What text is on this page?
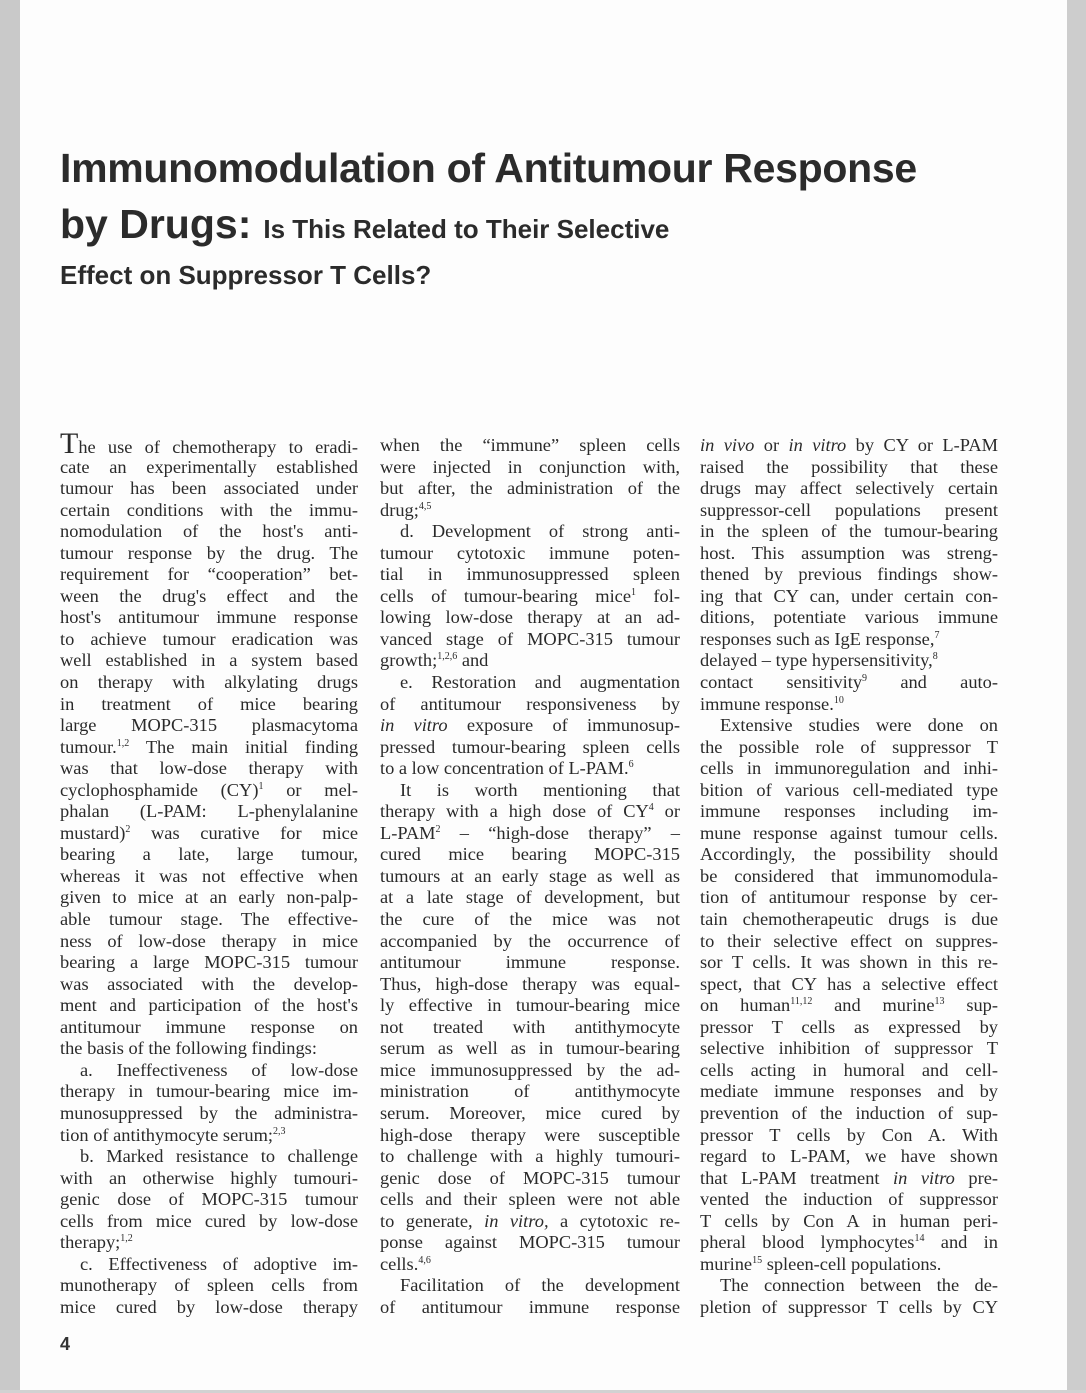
Immunomodulation of Antitumour Response
by Drugs: Is This Related to Their Selective
Effect on Suppressor T Cells?
The use of chemotherapy to eradi-
cate an experimentally established
tumour has been associated under
certain conditions with the immu-
nomodulation of the host's anti-
tumour response by the drug. The
requirement for “cooperation” bet-
ween the drug's effect and the
host's antitumour immune response
to achieve tumour eradication was
well established in a system based
on therapy with alkylating drugs
in treatment of mice bearing
large MOPC-315 plasmacytoma
tumour.$^{1,2}$ The main initial finding
was that low-dose therapy with
cyclophosphamide (CY)$^1$ or mel-
phalan (L-PAM: L-phenylalanine
mustard)$^2$ was curative for mice
bearing a late, large tumour,
whereas it was not effective when
given to mice at an early non-palp-
able tumour stage. The effective-
ness of low-dose therapy in mice
bearing a large MOPC-315 tumour
was associated with the develop-
ment and participation of the host's
antitumour immune response on
the basis of the following findings:
a. Ineffectiveness of low-dose
therapy in tumour-bearing mice im-
munosuppressed by the administra-
tion of antithymocyte serum;$^{2,3}$
b. Marked resistance to challenge
with an otherwise highly tumouri-
genic dose of MOPC-315 tumour
cells from mice cured by low-dose
therapy;$^{1,2}$
c. Effectiveness of adoptive im-
munotherapy of spleen cells from
mice cured by low-dose therapy
when the “immune” spleen cells
were injected in conjunction with,
but after, the administration of the
drug;$^{4,5}$
d. Development of strong anti-
tumour cytotoxic immune poten-
tial in immunosuppressed spleen
cells of tumour-bearing mice$^1$ fol-
lowing low-dose therapy at an ad-
vanced stage of MOPC-315 tumour
growth;$^{1,2,6}$ and
e. Restoration and augmentation
of antitumour responsiveness by
in vitro exposure of immunosup-
pressed tumour-bearing spleen cells
to a low concentration of L-PAM.$^6$
It is worth mentioning that
therapy with a high dose of $CY^4$ or
L-PAM$^2$ – “high-dose therapy” –
cured mice bearing MOPC-315
tumours at an early stage as well as
at a late stage of development, but
the cure of the mice was not
accompanied by the occurrence of
antitumour immune response.
Thus, high-dose therapy was equal-
ly effective in tumour-bearing mice
not treated with antithymocyte
serum as well as in tumour-bearing
mice immunosuppressed by the ad-
ministration of antithymocyte
serum. Moreover, mice cured by
high-dose therapy were susceptible
to challenge with a highly tumouri-
genic dose of MOPC-315 tumour
cells and their spleen were not able
to generate, in vitro, a cytotoxic re-
ponse against MOPC-315 tumour
cells.$^{4,6}$
Facilitation of the development
of antitumour immune response
in vivo or in vitro by CY or L-PAM
raised the possibility that these
drugs may affect selectively certain
suppressor-cell populations present
in the spleen of the tumour-bearing
host. This assumption was streng-
thened by previous findings show-
ing that CY can, under certain con-
ditions, potentiate various immune
responses such as IgE response,$^7$
delayed – type hypersensitivity,$^8$
contact sensitivity$^9$ and auto-
immune response.$^{10}$
Extensive studies were done on
the possible role of suppressor T
cells in immunoregulation and inhi-
bition of various cell-mediated type
immune responses including im-
mune response against tumour cells.
Accordingly, the possibility should
be considered that immunomodula-
tion of antitumour response by cer-
tain chemotherapeutic drugs is due
to their selective effect on suppres-
sor T cells. It was shown in this re-
spect, that CY has a selective effect
on human$^{11,12}$ and murine$^{13}$ sup-
pressor T cells as expressed by
selective inhibition of suppressor T
cells acting in humoral and cell-
mediate immune responses and by
prevention of the induction of sup-
pressor T cells by Con A. With
regard to L-PAM, we have shown
that L-PAM treatment in vitro pre-
vented the induction of suppressor
T cells by Con A in human peri-
pheral blood lymphocytes$^{14}$ and in
murine$^{15}$ spleen-cell populations.
The connection between the de-
pletion of suppressor T cells by CY
4
